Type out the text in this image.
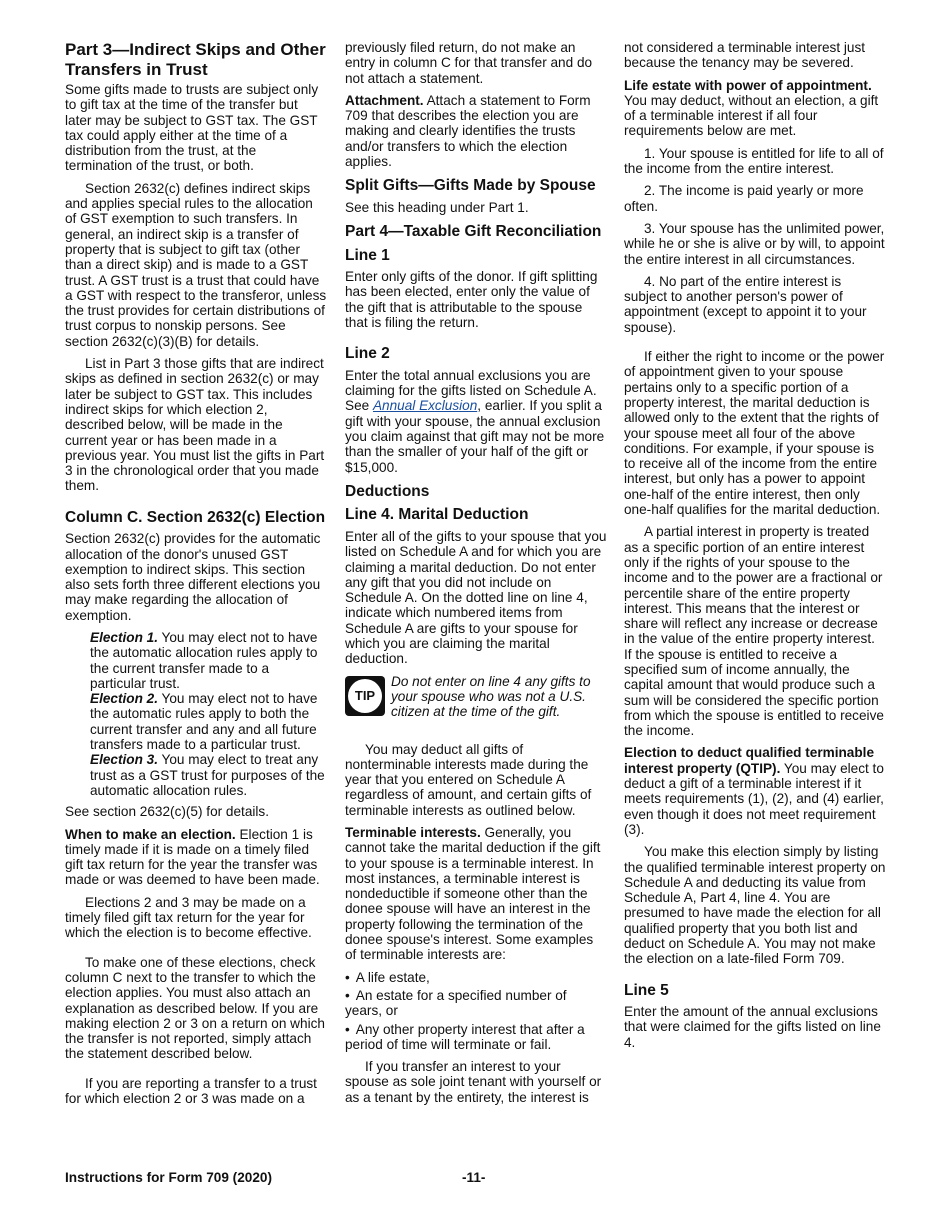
Part 3—Indirect Skips and Other Transfers in Trust

Some gifts made to trusts are subject only to gift tax at the time of the transfer but later may be subject to GST tax. The GST tax could apply either at the time of a distribution from the trust, at the termination of the trust, or both.

Section 2632(c) defines indirect skips and applies special rules to the allocation of GST exemption to such transfers. In general, an indirect skip is a transfer of property that is subject to gift tax (other than a direct skip) and is made to a GST trust. A GST trust is a trust that could have a GST with respect to the transferor, unless the trust provides for certain distributions of trust corpus to nonskip persons. See section 2632(c)(3)(B) for details.

List in Part 3 those gifts that are indirect skips as defined in section 2632(c) or may later be subject to GST tax. This includes indirect skips for which election 2, described below, will be made in the current year or has been made in a previous year. You must list the gifts in Part 3 in the chronological order that you made them.

Column C. Section 2632(c) Election

Section 2632(c) provides for the automatic allocation of the donor's unused GST exemption to indirect skips. This section also sets forth three different elections you may make regarding the allocation of exemption.

Election 1. You may elect not to have the automatic allocation rules apply to the current transfer made to a particular trust.

Election 2. You may elect not to have the automatic rules apply to both the current transfer and any and all future transfers made to a particular trust.

Election 3. You may elect to treat any trust as a GST trust for purposes of the automatic allocation rules.

See section 2632(c)(5) for details.

When to make an election. Election 1 is timely made if it is made on a timely filed gift tax return for the year the transfer was made or was deemed to have been made.

Elections 2 and 3 may be made on a timely filed gift tax return for the year for which the election is to become effective.

To make one of these elections, check column C next to the transfer to which the election applies. You must also attach an explanation as described below. If you are making election 2 or 3 on a return on which the transfer is not reported, simply attach the statement described below.

If you are reporting a transfer to a trust for which election 2 or 3 was made on a

previously filed return, do not make an entry in column C for that transfer and do not attach a statement.

Attachment. Attach a statement to Form 709 that describes the election you are making and clearly identifies the trusts and/or transfers to which the election applies.

Split Gifts—Gifts Made by Spouse

See this heading under Part 1.

Part 4—Taxable Gift Reconciliation
Line 1

Enter only gifts of the donor. If gift splitting has been elected, enter only the value of the gift that is attributable to the spouse that is filing the return.

Line 2

Enter the total annual exclusions you are claiming for the gifts listed on Schedule A. See Annual Exclusion, earlier. If you split a gift with your spouse, the annual exclusion you claim against that gift may not be more than the smaller of your half of the gift or $15,000.

Deductions
Line 4. Marital Deduction

Enter all of the gifts to your spouse that you listed on Schedule A and for which you are claiming a marital deduction. Do not enter any gift that you did not include on Schedule A. On the dotted line on line 4, indicate which numbered items from Schedule A are gifts to your spouse for which you are claiming the marital deduction.

TIP
Do not enter on line 4 any gifts to your spouse who was not a U.S. citizen at the time of the gift.

You may deduct all gifts of nonterminable interests made during the year that you entered on Schedule A regardless of amount, and certain gifts of terminable interests as outlined below.

Terminable interests. Generally, you cannot take the marital deduction if the gift to your spouse is a terminable interest. In most instances, a terminable interest is nondeductible if someone other than the donee spouse will have an interest in the property following the termination of the donee spouse's interest. Some examples of terminable interests are:

• A life estate,
• An estate for a specified number of years, or
• Any other property interest that after a period of time will terminate or fail.

If you transfer an interest to your spouse as sole joint tenant with yourself or as a tenant by the entirety, the interest is

not considered a terminable interest just because the tenancy may be severed.

Life estate with power of appointment. You may deduct, without an election, a gift of a terminable interest if all four requirements below are met.

1. Your spouse is entitled for life to all of the income from the entire interest.

2. The income is paid yearly or more often.

3. Your spouse has the unlimited power, while he or she is alive or by will, to appoint the entire interest in all circumstances.

4. No part of the entire interest is subject to another person's power of appointment (except to appoint it to your spouse).

If either the right to income or the power of appointment given to your spouse pertains only to a specific portion of a property interest, the marital deduction is allowed only to the extent that the rights of your spouse meet all four of the above conditions. For example, if your spouse is to receive all of the income from the entire interest, but only has a power to appoint one-half of the entire interest, then only one-half qualifies for the marital deduction.

A partial interest in property is treated as a specific portion of an entire interest only if the rights of your spouse to the income and to the power are a fractional or percentile share of the entire property interest. This means that the interest or share will reflect any increase or decrease in the value of the entire property interest. If the spouse is entitled to receive a specified sum of income annually, the capital amount that would produce such a sum will be considered the specific portion from which the spouse is entitled to receive the income.

Election to deduct qualified terminable interest property (QTIP). You may elect to deduct a gift of a terminable interest if it meets requirements (1), (2), and (4) earlier, even though it does not meet requirement (3).

You make this election simply by listing the qualified terminable interest property on Schedule A and deducting its value from Schedule A, Part 4, line 4. You are presumed to have made the election for all qualified property that you both list and deduct on Schedule A. You may not make the election on a late-filed Form 709.

Line 5

Enter the amount of the annual exclusions that were claimed for the gifts listed on line 4.

Instructions for Form 709 (2020)	-11-
